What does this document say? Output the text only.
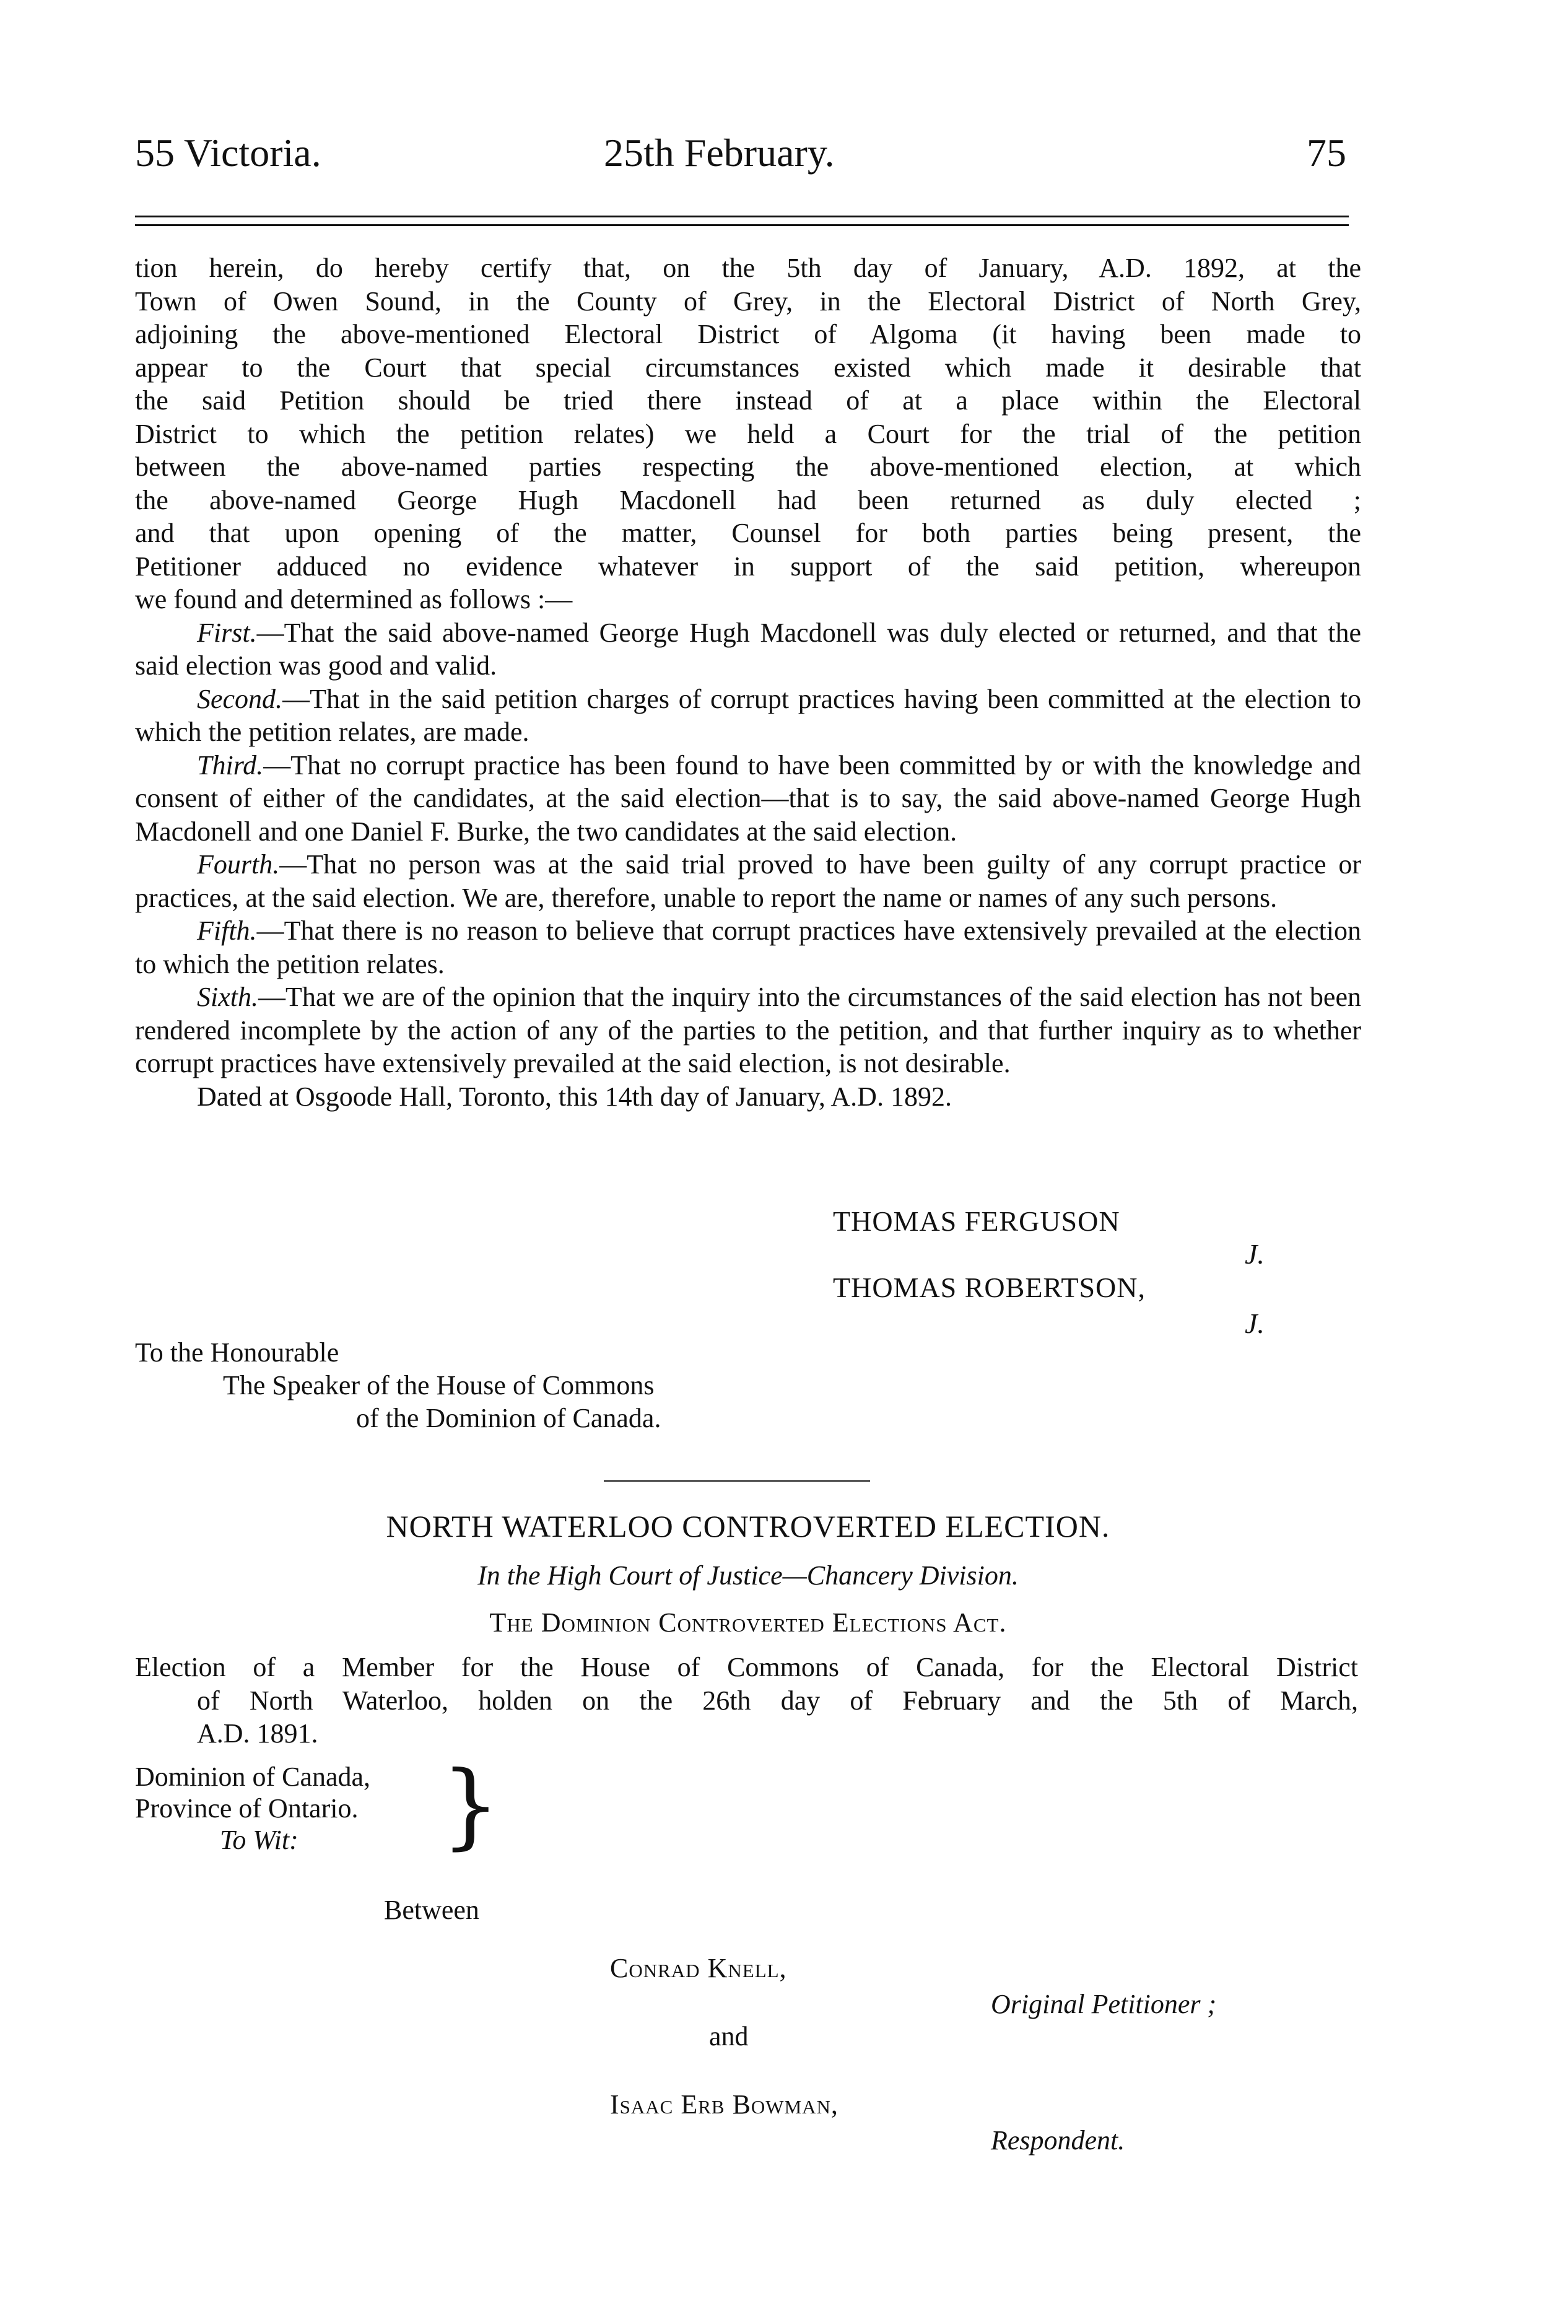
55 Victoria.	25th February.	75
tion herein, do hereby certify that, on the 5th day of January, A.D. 1892, at the
Town of Owen Sound, in the County of Grey, in the Electoral District of North Grey,
adjoining the above-mentioned Electoral District of Algoma (it having been made to
appear to the Court that special circumstances existed which made it desirable that
the said Petition should be tried there instead of at a place within the Electoral
District to which the petition relates) we held a Court for the trial of the petition
between the above-named parties respecting the above-mentioned election, at which
the above-named George Hugh Macdonell had been returned as duly elected ;
and that upon opening of the matter, Counsel for both parties being present, the
Petitioner adduced no evidence whatever in support of the said petition, whereupon
we found and determined as follows :—

First.—That the said above-named George Hugh Macdonell was duly elected or returned, and that the said election was good and valid.

Second.—That in the said petition charges of corrupt practices having been committed at the election to which the petition relates, are made.

Third.—That no corrupt practice has been found to have been committed by or with the knowledge and consent of either of the candidates, at the said election—that is to say, the said above-named George Hugh Macdonell and one Daniel F. Burke, the two candidates at the said election.

Fourth.—That no person was at the said trial proved to have been guilty of any corrupt practice or practices, at the said election. We are, therefore, unable to report the name or names of any such persons.

Fifth.—That there is no reason to believe that corrupt practices have extensively prevailed at the election to which the petition relates.

Sixth.—That we are of the opinion that the inquiry into the circumstances of the said election has not been rendered incomplete by the action of any of the parties to the petition, and that further inquiry as to whether corrupt practices have extensively prevailed at the said election, is not desirable.

Dated at Osgoode Hall, Toronto, this 14th day of January, A.D. 1892.

THOMAS FERGUSON
J.
THOMAS ROBERTSON,
J.
To the Honourable
The Speaker of the House of Commons
of the Dominion of Canada.
NORTH WATERLOO CONTROVERTED ELECTION.
In the High Court of Justice—Chancery Division.
The Dominion Controverted Elections Act.
Election of a Member for the House of Commons of Canada, for the Electoral District
of North Waterloo, holden on the 26th day of February and the 5th of March,
A.D. 1891.
Dominion of Canada,
Province of Ontario.
To Wit: }
Between
Conrad Knell,
Original Petitioner ;
and
Isaac Erb Bowman,
Respondent.
